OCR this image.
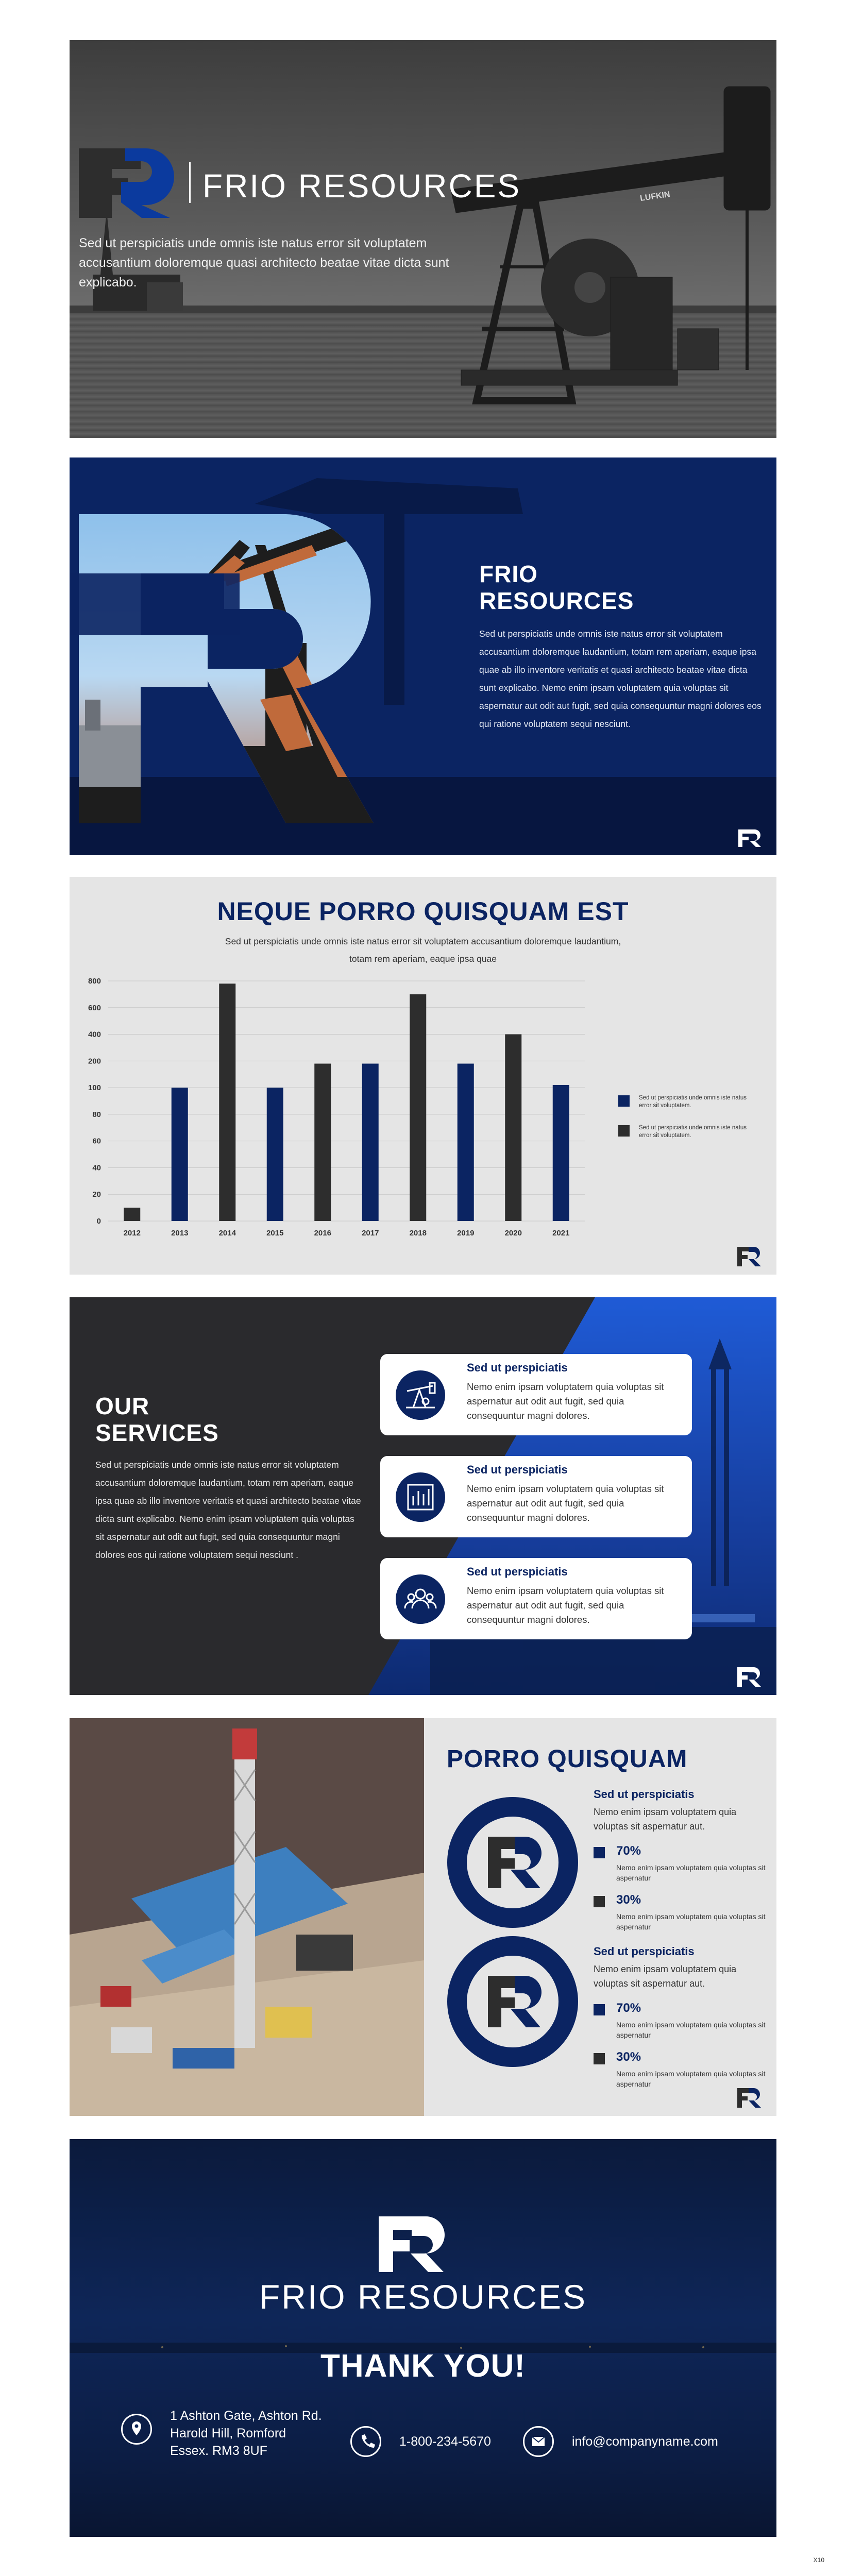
LUFKIN
FRIO RESOURCES
Sed ut perspiciatis unde omnis iste natus error sit voluptatem accusantium doloremque quasi architecto beatae vitae dicta sunt explicabo.
FRIO
RESOURCES
Sed ut perspiciatis unde omnis iste natus error sit voluptatem accusantium doloremque laudantium, totam rem aperiam, eaque ipsa quae ab illo inventore veritatis et quasi architecto beatae vitae dicta sunt explicabo. Nemo enim ipsam voluptatem quia voluptas sit aspernatur aut odit aut fugit, sed quia consequuntur magni dolores eos qui ratione voluptatem sequi nesciunt.
NEQUE PORRO QUISQUAM EST
Sed ut perspiciatis unde omnis iste natus error sit voluptatem accusantium doloremque laudantium, totam rem aperiam, eaque ipsa quae
0
20
40
60
80
100
200
400
600
800
2012	2013	2014	2015	2016	2017	2018	2019	2020	2021
Sed ut perspiciatis unde omnis iste natus error sit voluptatem.
Sed ut perspiciatis unde omnis iste natus error sit voluptatem.
OUR
SERVICES
Sed ut perspiciatis unde omnis iste natus error sit voluptatem accusantium doloremque laudantium, totam rem aperiam, eaque ipsa quae ab illo inventore veritatis et quasi architecto beatae vitae dicta sunt explicabo. Nemo enim ipsam voluptatem quia voluptas sit aspernatur aut odit aut fugit, sed quia consequuntur magni dolores eos qui ratione voluptatem sequi nesciunt .
Sed ut perspiciatis
Nemo enim ipsam voluptatem quia voluptas sit aspernatur aut odit aut fugit, sed quia consequuntur magni dolores.
Sed ut perspiciatis
Nemo enim ipsam voluptatem quia voluptas sit aspernatur aut odit aut fugit, sed quia consequuntur magni dolores.
Sed ut perspiciatis
Nemo enim ipsam voluptatem quia voluptas sit aspernatur aut odit aut fugit, sed quia consequuntur magni dolores.
PORRO QUISQUAM
Sed ut perspiciatis
Nemo enim ipsam voluptatem quia voluptas sit aspernatur aut.
70%
Nemo enim ipsam voluptatem quia voluptas sit aspernatur
30%
Nemo enim ipsam voluptatem quia voluptas sit aspernatur
Sed ut perspiciatis
Nemo enim ipsam voluptatem quia voluptas sit aspernatur aut.
70%
Nemo enim ipsam voluptatem quia voluptas sit aspernatur
30%
Nemo enim ipsam voluptatem quia voluptas sit aspernatur
FRIO RESOURCES
THANK YOU!
1 Ashton Gate, Ashton Rd.
Harold Hill, Romford
Essex. RM3 8UF
1-800-234-5670	info@companyname.com
X10
